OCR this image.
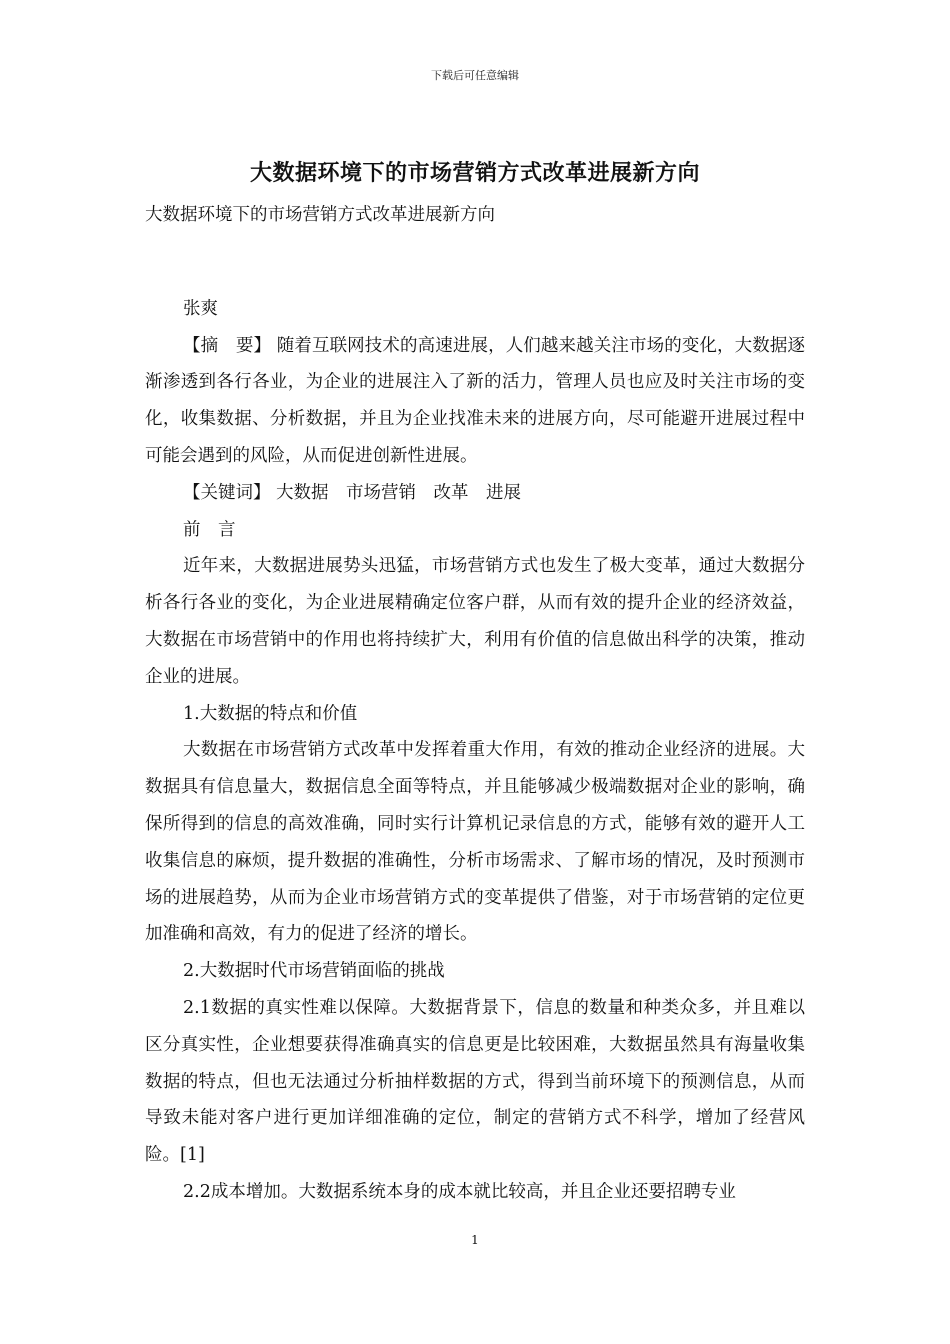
下载后可任意编辑
大数据环境下的市场营销方式改革进展新方向

大数据环境下的市场营销方式改革进展新方向

张爽

【摘　要】 随着互联网技术的高速进展，人们越来越关注市场的变化，大数据逐渐渗透到各行各业，为企业的进展注入了新的活力，管理人员也应及时关注市场的变化，收集数据、分析数据，并且为企业找准未来的进展方向，尽可能避开进展过程中可能会遇到的风险，从而促进创新性进展。

【关键词】 大数据　市场营销　改革　进展

前　言

近年来，大数据进展势头迅猛，市场营销方式也发生了极大变革，通过大数据分析各行各业的变化，为企业进展精确定位客户群，从而有效的提升企业的经济效益，大数据在市场营销中的作用也将持续扩大，利用有价值的信息做出科学的决策，推动企业的进展。

1.大数据的特点和价值

大数据在市场营销方式改革中发挥着重大作用，有效的推动企业经济的进展。大数据具有信息量大，数据信息全面等特点，并且能够减少极端数据对企业的影响，确保所得到的信息的高效准确，同时实行计算机记录信息的方式，能够有效的避开人工收集信息的麻烦，提升数据的准确性，分析市场需求、了解市场的情况，及时预测市场的进展趋势，从而为企业市场营销方式的变革提供了借鉴，对于市场营销的定位更加准确和高效，有力的促进了经济的增长。

2.大数据时代市场营销面临的挑战

2.1数据的真实性难以保障。大数据背景下，信息的数量和种类众多，并且难以区分真实性，企业想要获得准确真实的信息更是比较困难，大数据虽然具有海量收集数据的特点，但也无法通过分析抽样数据的方式，得到当前环境下的预测信息，从而导致未能对客户进行更加详细准确的定位，制定的营销方式不科学，增加了经营风险。[1]

2.2成本增加。大数据系统本身的成本就比较高，并且企业还要招聘专业

1
